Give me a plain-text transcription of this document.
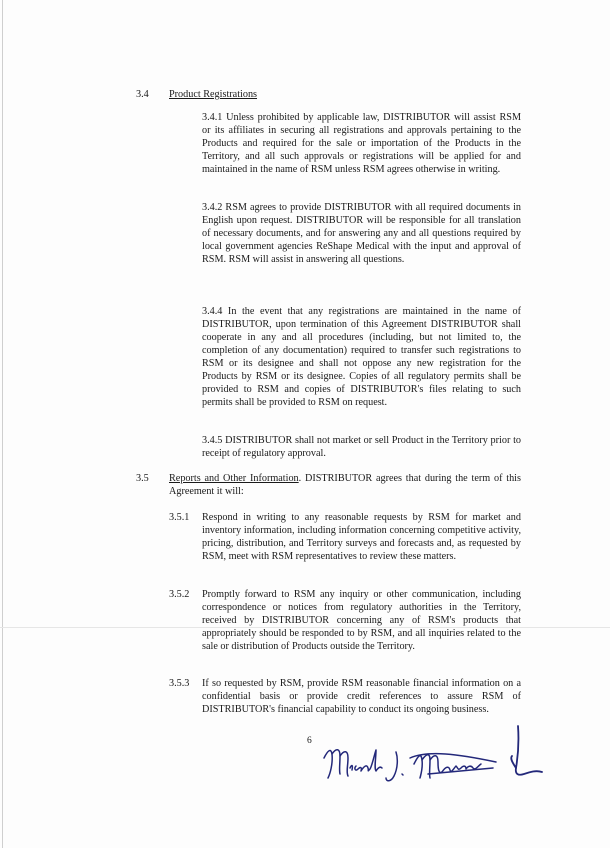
3.4 Product Registrations
3.4.1 Unless prohibited by applicable law, DISTRIBUTOR will assist RSM or its affiliates in securing all registrations and approvals pertaining to the Products and required for the sale or importation of the Products in the Territory, and all such approvals or registrations will be applied for and maintained in the name of RSM unless RSM agrees otherwise in writing.
3.4.2 RSM agrees to provide DISTRIBUTOR with all required documents in English upon request. DISTRIBUTOR will be responsible for all translation of necessary documents, and for answering any and all questions required by local government agencies ReShape Medical with the input and approval of RSM. RSM will assist in answering all questions.
3.4.4 In the event that any registrations are maintained in the name of DISTRIBUTOR, upon termination of this Agreement DISTRIBUTOR shall cooperate in any and all procedures (including, but not limited to, the completion of any documentation) required to transfer such registrations to RSM or its designee and shall not oppose any new registration for the Products by RSM or its designee. Copies of all regulatory permits shall be provided to RSM and copies of DISTRIBUTOR's files relating to such permits shall be provided to RSM on request.
3.4.5 DISTRIBUTOR shall not market or sell Product in the Territory prior to receipt of regulatory approval.
3.5 Reports and Other Information. DISTRIBUTOR agrees that during the term of this Agreement it will:
3.5.1 Respond in writing to any reasonable requests by RSM for market and inventory information, including information concerning competitive activity, pricing, distribution, and Territory surveys and forecasts and, as requested by RSM, meet with RSM representatives to review these matters.
3.5.2 Promptly forward to RSM any inquiry or other communication, including correspondence or notices from regulatory authorities in the Territory, received by DISTRIBUTOR concerning any of RSM's products that appropriately should be responded to by RSM, and all inquiries related to the sale or distribution of Products outside the Territory.
3.5.3 If so requested by RSM, provide RSM reasonable financial information on a confidential basis or provide credit references to assure RSM of DISTRIBUTOR's financial capability to conduct its ongoing business.
6
